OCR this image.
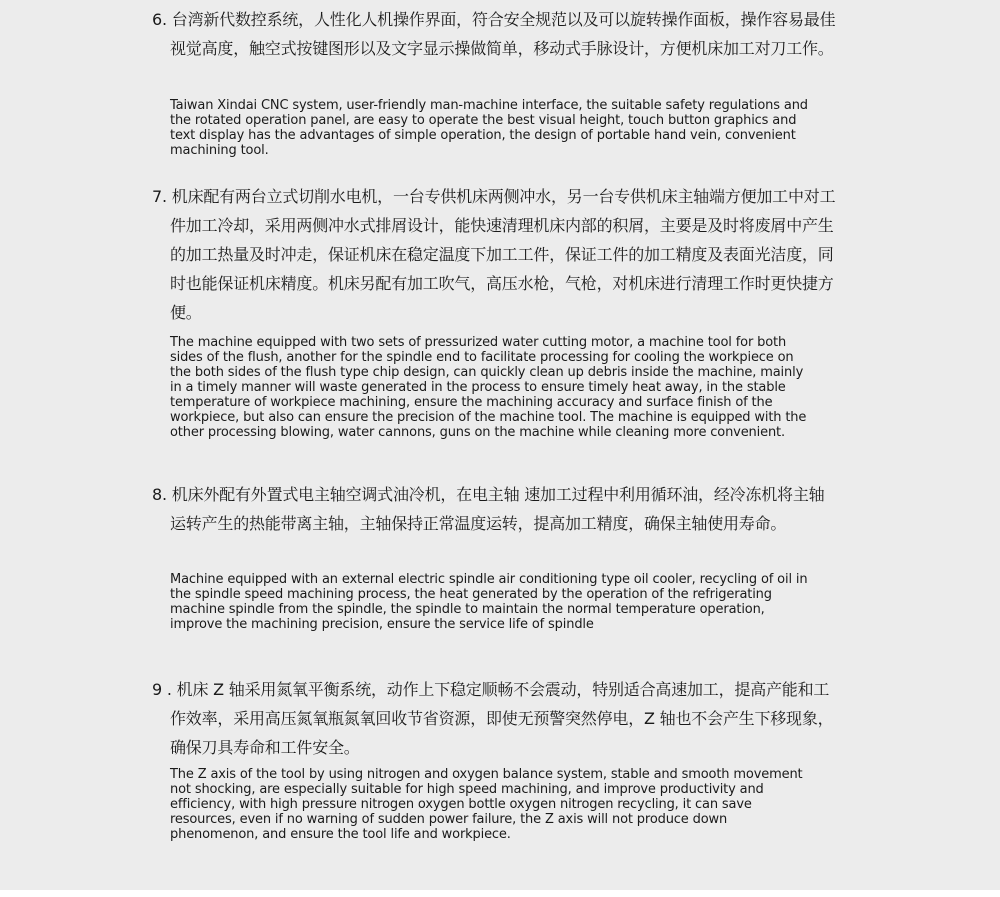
6. 台湾新代数控系统，人性化人机操作界面，符合安全规范以及可以旋转操作面板，操作容易最佳视觉高度，触空式按键图形以及文字显示操做简单，移动式手脉设计，方便机床加工对刀工作。

Taiwan Xindai CNC system, user-friendly man-machine interface, the suitable safety regulations and the rotated operation panel, are easy to operate the best visual height, touch button graphics and text display has the advantages of simple operation, the design of portable hand vein, convenient machining tool.

7. 机床配有两台立式切削水电机，一台专供机床两侧冲水，另一台专供机床主轴端方便加工中对工件加工冷却，采用两侧冲水式排屑设计，能快速清理机床内部的积屑，主要是及时将废屑中产生的加工热量及时冲走，保证机床在稳定温度下加工工件，保证工件的加工精度及表面光洁度，同时也能保证机床精度。机床另配有加工吹气，高压水枪，气枪，对机床进行清理工作时更快捷方便。

The machine equipped with two sets of pressurized water cutting motor, a machine tool for both sides of the flush, another for the spindle end to facilitate processing for cooling the workpiece on the both sides of the flush type chip design, can quickly clean up debris inside the machine, mainly in a timely manner will waste generated in the process to ensure timely heat away, in the stable temperature of workpiece machining, ensure the machining accuracy and surface finish of the workpiece, but also can ensure the precision of the machine tool. The machine is equipped with the other processing blowing, water cannons, guns on the machine while cleaning more convenient.

8. 机床外配有外置式电主轴空调式油冷机，在电主轴 速加工过程中利用循环油，经冷冻机将主轴运转产生的热能带离主轴，主轴保持正常温度运转，提高加工精度，确保主轴使用寿命。

Machine equipped with an external electric spindle air conditioning type oil cooler, recycling of oil in the spindle speed machining process, the heat generated by the operation of the refrigerating machine spindle from the spindle, the spindle to maintain the normal temperature operation, improve the machining precision, ensure the service life of spindle

9 . 机床 Z 轴采用氮氧平衡系统，动作上下稳定顺畅不会震动，特别适合高速加工，提高产能和工作效率，采用高压氮氧瓶氮氧回收节省资源，即使无预警突然停电，Z 轴也不会产生下移现象，确保刀具寿命和工件安全。

The Z axis of the tool by using nitrogen and oxygen balance system, stable and smooth movement not shocking, are especially suitable for high speed machining, and improve productivity and efficiency, with high pressure nitrogen oxygen bottle oxygen nitrogen recycling, it can save resources, even if no warning of sudden power failure, the Z axis will not produce down phenomenon, and ensure the tool life and workpiece.
